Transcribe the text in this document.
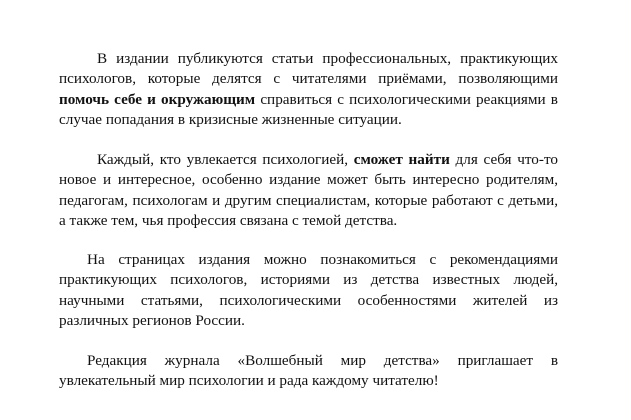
В издании публикуются статьи профессиональных, практикующих психологов, которые делятся с читателями приёмами, позволяющими помочь себе и окружающим справиться с психологическими реакциями в случае попадания в кризисные жизненные ситуации.

Каждый, кто увлекается психологией, сможет найти для себя что-то новое и интересное, особенно издание может быть интересно родителям, педагогам, психологам и другим специалистам, которые работают с детьми, а также тем, чья профессия связана с темой детства.

На страницах издания можно познакомиться с рекомендациями практикующих психологов, историями из детства известных людей, научными статьями, психологическими особенностями жителей из различных регионов России.

Редакция журнала «Волшебный мир детства» приглашает в увлекательный мир психологии и рада каждому читателю!
